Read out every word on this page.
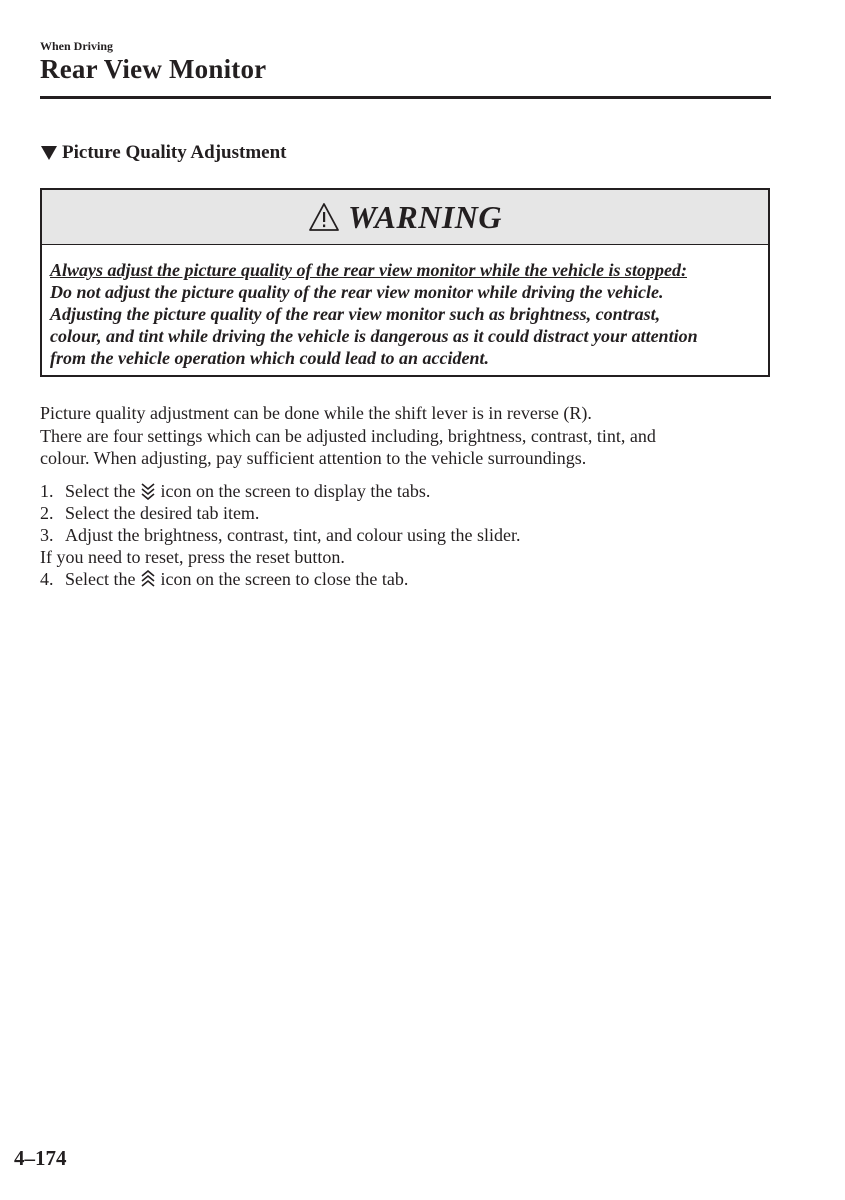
When Driving
Rear View Monitor
Picture Quality Adjustment
WARNING
Always adjust the picture quality of the rear view monitor while the vehicle is stopped:
Do not adjust the picture quality of the rear view monitor while driving the vehicle.
Adjusting the picture quality of the rear view monitor such as brightness, contrast,
colour, and tint while driving the vehicle is dangerous as it could distract your attention
from the vehicle operation which could lead to an accident.
Picture quality adjustment can be done while the shift lever is in reverse (R).
There are four settings which can be adjusted including, brightness, contrast, tint, and
colour. When adjusting, pay sufficient attention to the vehicle surroundings.
1. Select the icon on the screen to display the tabs.
2. Select the desired tab item.
3. Adjust the brightness, contrast, tint, and colour using the slider.
If you need to reset, press the reset button.
4. Select the icon on the screen to close the tab.
4–174
